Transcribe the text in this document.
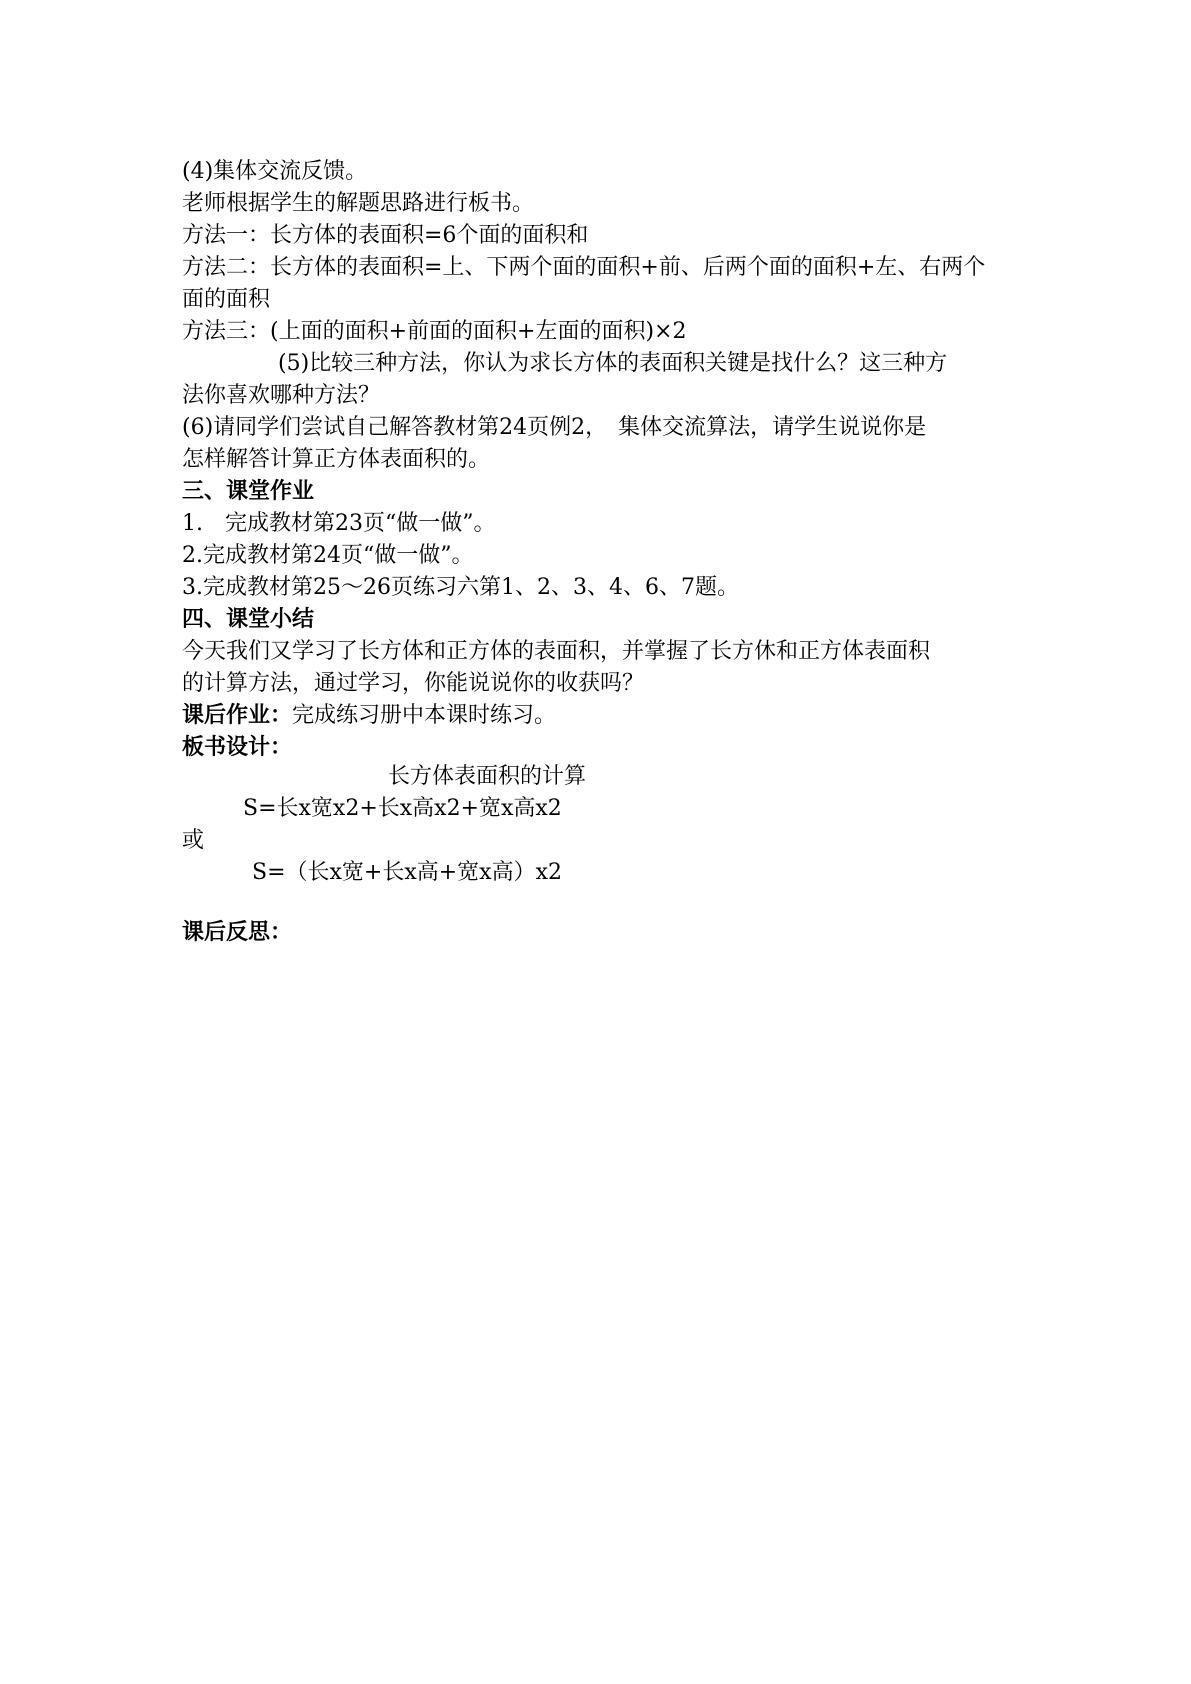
(4)集体交流反馈。
老师根据学生的解题思路进行板书。
方法一：长方体的表面积=6个面的面积和
方法二：长方体的表面积=上、下两个面的面积+前、后两个面的面积+左、右两个
面的面积
方法三：(上面的面积+前面的面积+左面的面积)×2
(5)比较三种方法，你认为求长方体的表面积关键是找什么？这三种方
法你喜欢哪种方法？
(6)请同学们尝试自己解答教材第24页例2，　集体交流算法，请学生说说你是
怎样解答计算正方体表面积的。
三、课堂作业
1.　完成教材第23页“做一做”。
2.完成教材第24页“做一做”。
3.完成教材第25～26页练习六第1、2、3、4、6、7题。
四、课堂小结
今天我们又学习了长方体和正方体的表面积，并掌握了长方休和正方体表面积
的计算方法，通过学习，你能说说你的收获吗？
课后作业：完成练习册中本课时练习。
板书设计：
长方体表面积的计算
S=长x宽x2+长x高x2+宽x高x2
或
S=（长x宽+长x高+宽x高）x2
课后反思：
